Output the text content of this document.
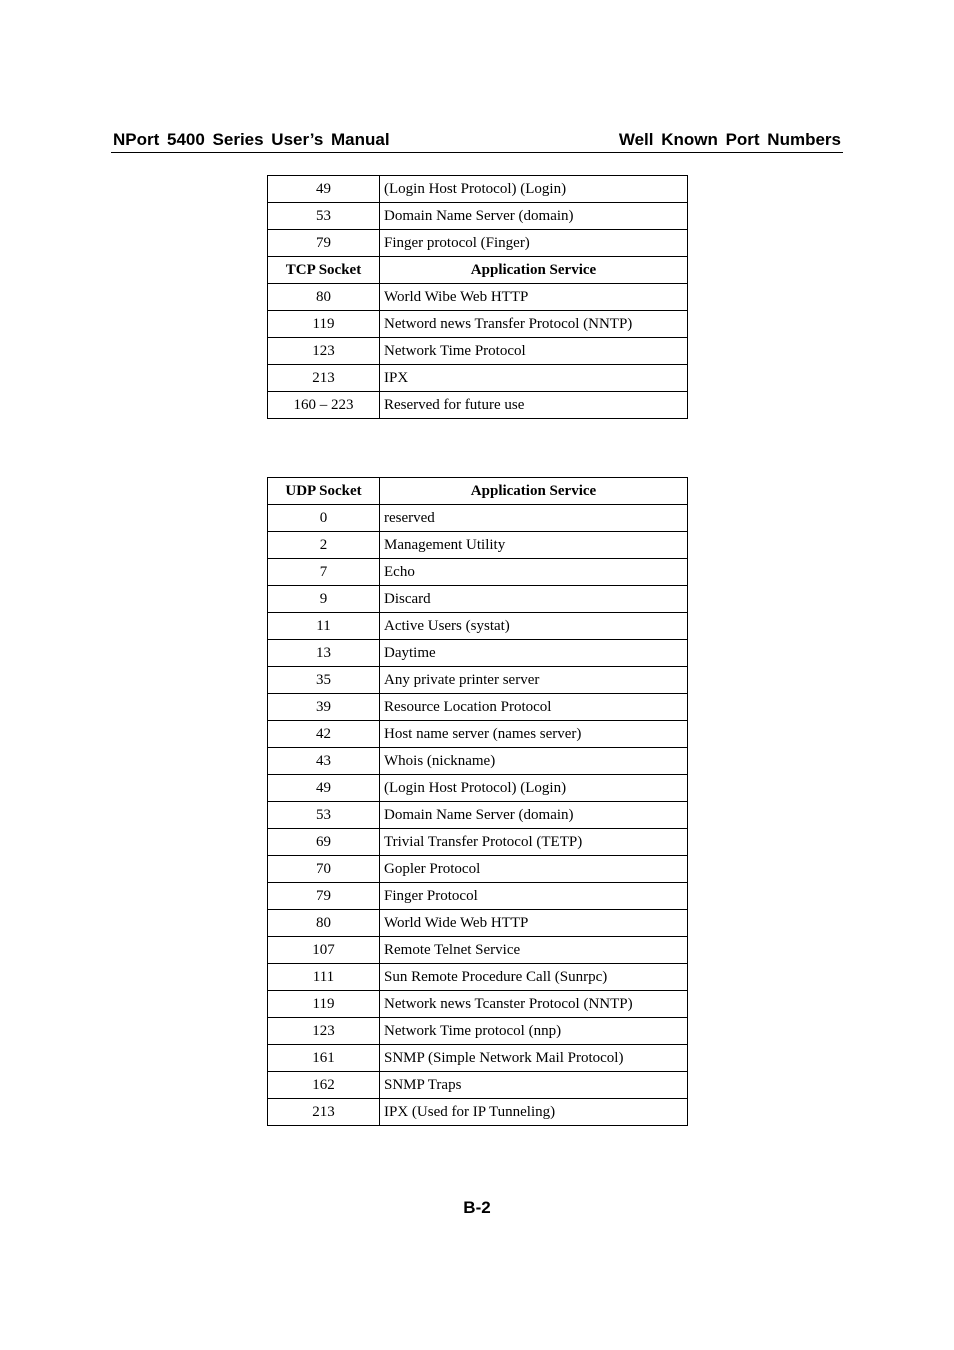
NPort 5400 Series User’s Manual	Well Known Port Numbers
49	(Login Host Protocol) (Login)
53	Domain Name Server (domain)
79	Finger protocol (Finger)
TCP Socket	Application Service
80	World Wibe Web HTTP
119	Netword news Transfer Protocol (NNTP)
123	Network Time Protocol
213	IPX
160 – 223	Reserved for future use
UDP Socket	Application Service
0	reserved
2	Management Utility
7	Echo
9	Discard
11	Active Users (systat)
13	Daytime
35	Any private printer server
39	Resource Location Protocol
42	Host name server (names server)
43	Whois (nickname)
49	(Login Host Protocol) (Login)
53	Domain Name Server (domain)
69	Trivial Transfer Protocol (TETP)
70	Gopler Protocol
79	Finger Protocol
80	World Wide Web HTTP
107	Remote Telnet Service
111	Sun Remote Procedure Call (Sunrpc)
119	Network news Tcanster Protocol (NNTP)
123	Network Time protocol (nnp)
161	SNMP (Simple Network Mail Protocol)
162	SNMP Traps
213	IPX (Used for IP Tunneling)
B-2
